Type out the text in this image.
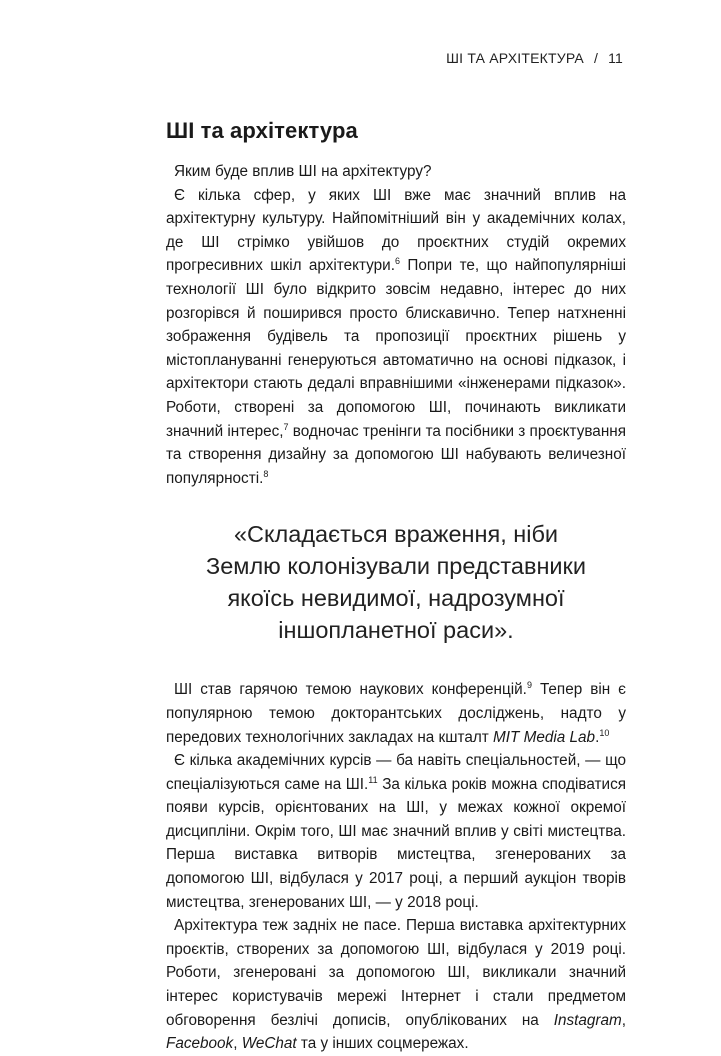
ШІ ТА АРХІТЕКТУРА / 11
ШІ та архітектура

Яким буде вплив ШІ на архітектуру?

Є кілька сфер, у яких ШІ вже має значний вплив на архітектурну культуру. Найпомітніший він у академічних колах, де ШІ стрімко увійшов до проєктних студій окремих прогресивних шкіл архітектури.$^6$ Попри те, що найпопулярніші технології ШІ було відкрито зовсім недавно, інтерес до них розгорівся й поширився просто блискавично. Тепер натхненні зображення будівель та пропозиції проєктних рішень у містоплануванні генеруються автоматично на основі підказок, і архітектори стають дедалі вправнішими «інженерами підказок». Роботи, створені за допомогою ШІ, починають викликати значний інтерес,$^7$ водночас тренінги та посібники з проєктування та створення дизайну за допомогою ШІ набувають величезної популярності.$^8$

«Складається враження, ніби
Землю колонізували представники
якоїсь невидимої, надрозумної
іншопланетної раси».

ШІ став гарячою темою наукових конференцій.$^9$ Тепер він є популярною темою докторантських досліджень, надто у передових технологічних закладах на кшталт MIT Media Lab.$^{10}$

Є кілька академічних курсів — ба навіть спеціальностей, — що спеціалізуються саме на ШІ.$^{11}$ За кілька років можна сподіватися появи курсів, орієнтованих на ШІ, у межах кожної окремої дисципліни. Окрім того, ШІ має значний вплив у світі мистецтва. Перша виставка витворів мистецтва, згенерованих за допомогою ШІ, відбулася у 2017 році, а перший аукціон творів мистецтва, згенерованих ШІ, — у 2018 році.

Архітектура теж задніх не пасе. Перша виставка архітектурних проєктів, створених за допомогою ШІ, відбулася у 2019 році. Роботи, згенеровані за допомогою ШІ, викликали значний інтерес користувачів мережі Інтернет і стали предметом обговорення безлічі дописів, опублікованих на Instagram, Facebook, WeChat та у інших соцмережах.
